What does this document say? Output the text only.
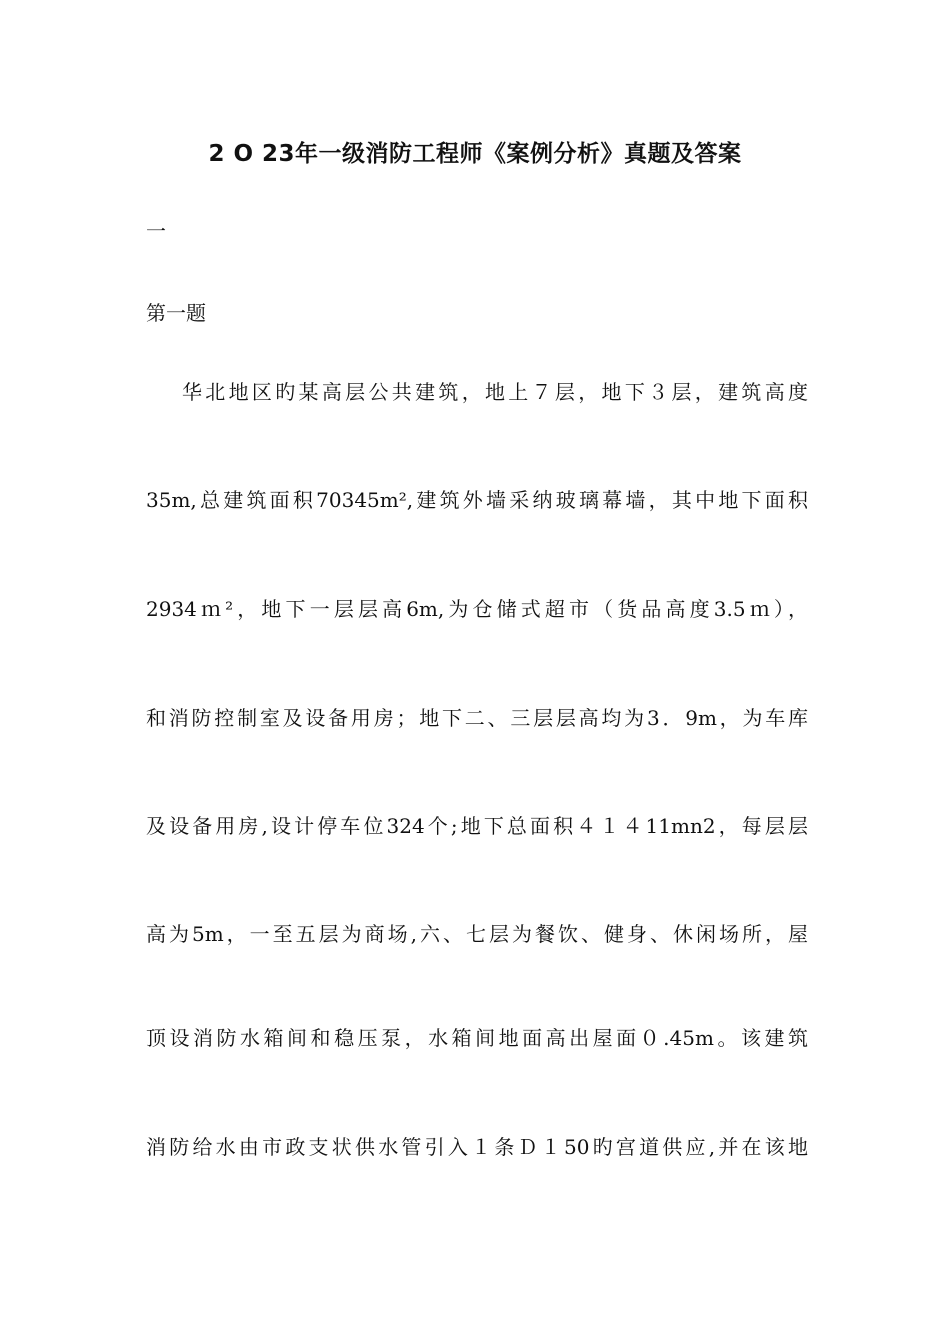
2 O 23年一级消防工程师《案例分析》真题及答案

一

第一题

华北地区旳某高层公共建筑，地上７层，地下３层，建筑高度

35m,总建筑面积70345m²,建筑外墙采纳玻璃幕墙，其中地下面积

2934ｍ²，地下一层层高6m,为仓储式超市（货品高度3.5ｍ），

和消防控制室及设备用房；地下二、三层层高均为3．9m，为车库

及设备用房,设计停车位324个;地下总面积４１４11mn2，每层层

高为5m，一至五层为商场,六、七层为餐饮、健身、休闲场所，屋

顶设消防水箱间和稳压泵，水箱间地面高出屋面０.45m。该建筑

消防给水由市政支状供水管引入１条Ｄ１50旳宫道供应,并在该地
